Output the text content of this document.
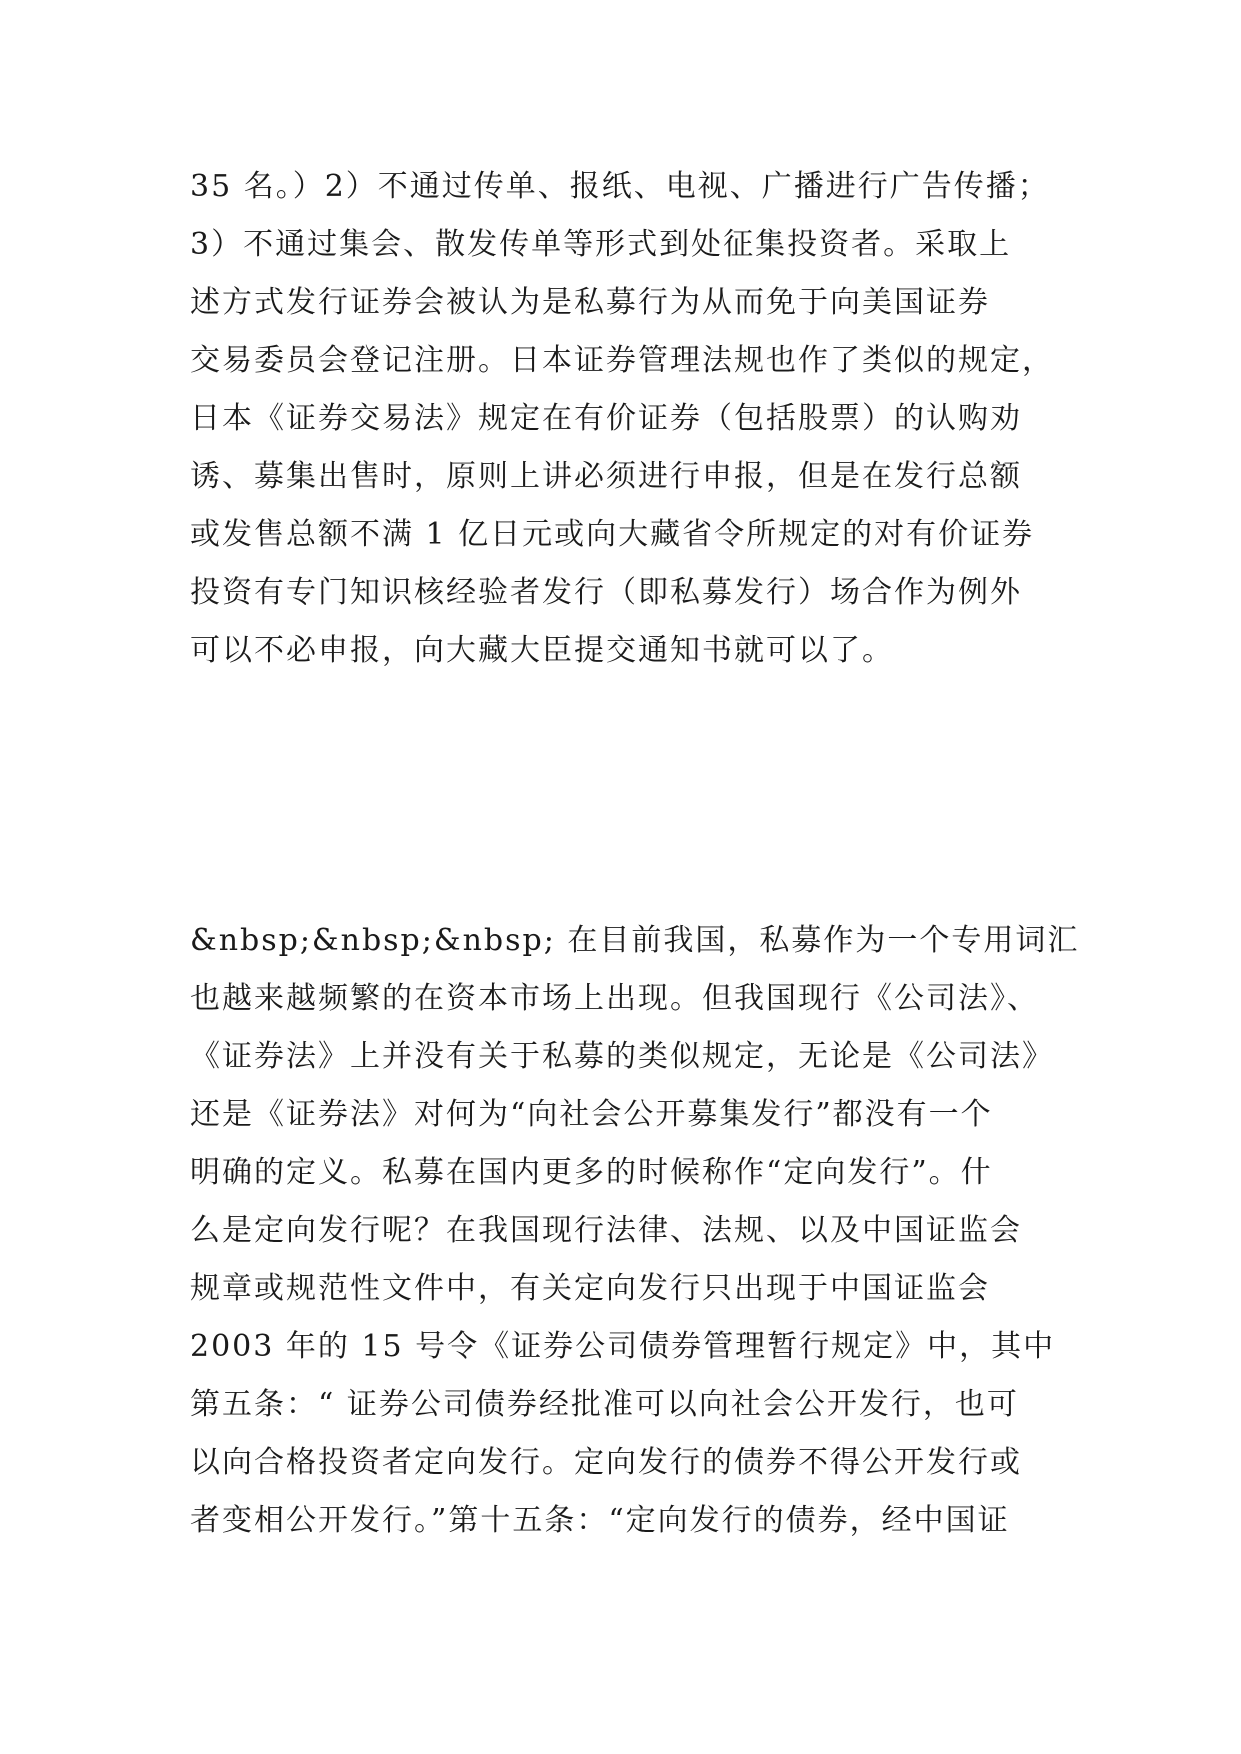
35 名。）2）不通过传单、报纸、电视、广播进行广告传播；
3）不通过集会、散发传单等形式到处征集投资者。采取上
述方式发行证券会被认为是私募行为从而免于向美国证券
交易委员会登记注册。日本证券管理法规也作了类似的规定，
日本《证券交易法》规定在有价证券（包括股票）的认购劝
诱、募集出售时，原则上讲必须进行申报，但是在发行总额
或发售总额不满 1 亿日元或向大藏省令所规定的对有价证券
投资有专门知识核经验者发行（即私募发行）场合作为例外
可以不必申报，向大藏大臣提交通知书就可以了。
&nbsp;&nbsp;&nbsp; 在目前我国，私募作为一个专用词汇
也越来越频繁的在资本市场上出现。但我国现行《公司法》、
《证券法》上并没有关于私募的类似规定，无论是《公司法》
还是《证券法》对何为“向社会公开募集发行”都没有一个
明确的定义。私募在国内更多的时候称作“定向发行”。什
么是定向发行呢？在我国现行法律、法规、以及中国证监会
规章或规范性文件中，有关定向发行只出现于中国证监会
2003 年的 15 号令《证券公司债券管理暂行规定》中，其中
第五条：“ 证券公司债券经批准可以向社会公开发行，也可
以向合格投资者定向发行。定向发行的债券不得公开发行或
者变相公开发行。”第十五条：“定向发行的债券，经中国证
